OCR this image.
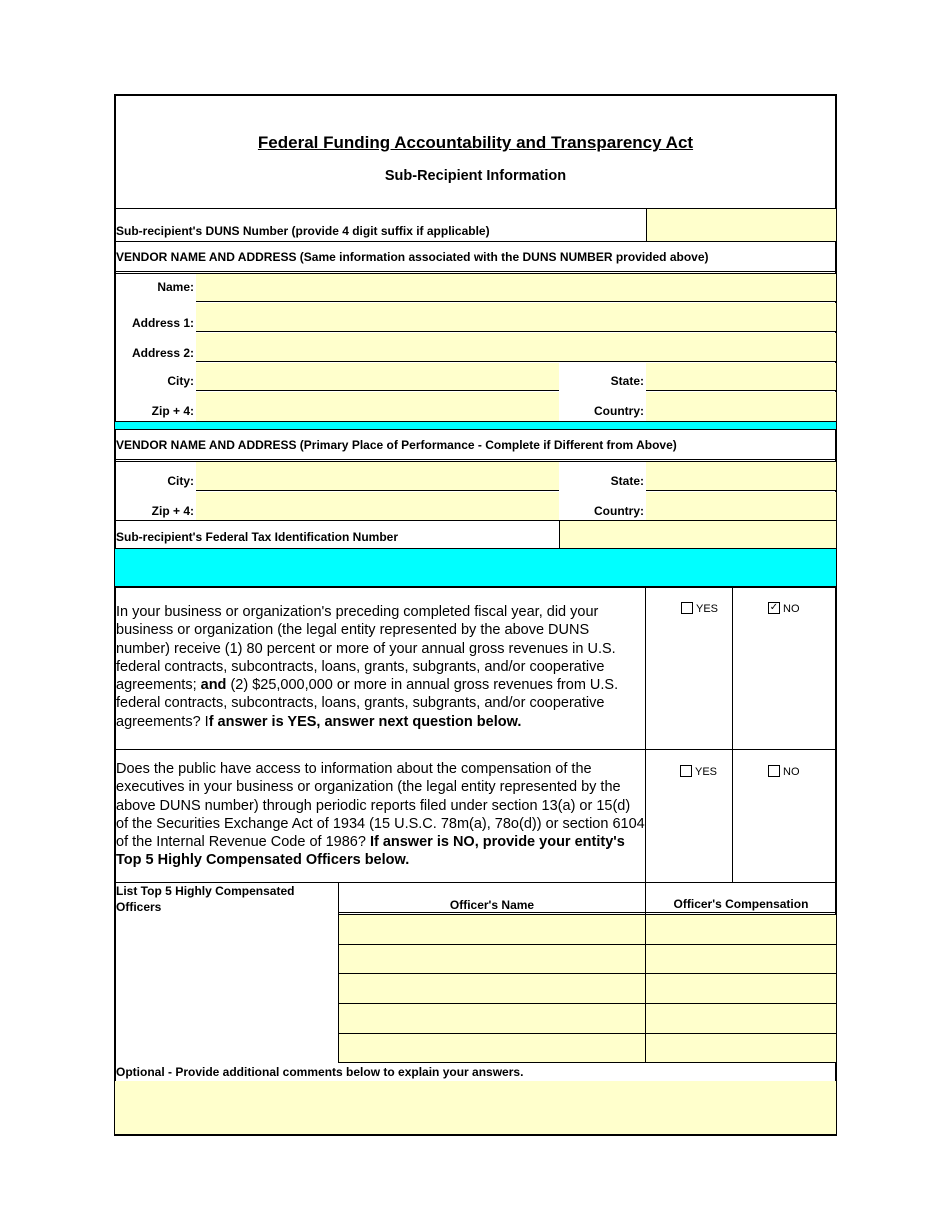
Federal Funding Accountability and Transparency Act
Sub-Recipient Information
Sub-recipient's DUNS Number (provide 4 digit suffix if applicable)
VENDOR NAME AND ADDRESS (Same information associated with the DUNS NUMBER provided above)
Name:
Address 1:
Address 2:
City:	State:
Zip + 4:	Country:
VENDOR NAME AND ADDRESS (Primary Place of Performance - Complete if Different from Above)
City:	State:
Zip + 4:	Country:
Sub-recipient's Federal Tax Identification Number
In your business or organization's preceding completed fiscal year, did your business or organization (the legal entity represented by the above DUNS number) receive (1) 80 percent or more of your annual gross revenues in U.S. federal contracts, subcontracts, loans, grants, subgrants, and/or cooperative agreements; and (2) $25,000,000 or more in annual gross revenues from U.S. federal contracts, subcontracts, loans, grants, subgrants, and/or cooperative agreements? If answer is YES, answer next question below.
YES	✓ NO
Does the public have access to information about the compensation of the executives in your business or organization (the legal entity represented by the above DUNS number) through periodic reports filed under section 13(a) or 15(d) of the Securities Exchange Act of 1934 (15 U.S.C. 78m(a), 78o(d)) or section 6104 of the Internal Revenue Code of 1986? If answer is NO, provide your entity's Top 5 Highly Compensated Officers below.
YES	NO
List Top 5 Highly Compensated Officers	Officer's Name	Officer's Compensation
Optional - Provide additional comments below to explain your answers.
